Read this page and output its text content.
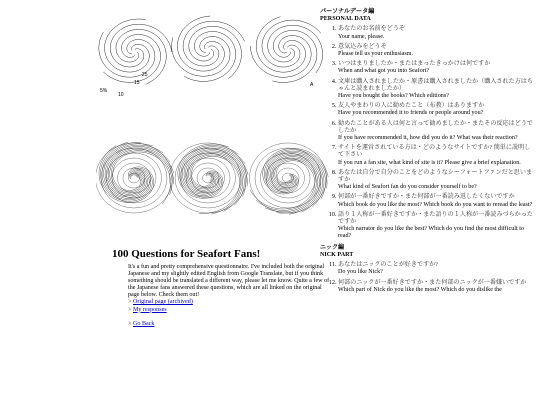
5%
10
25
15	A
100 Questions for Seafort Fans!

It's a fun and pretty comprehensive questionnaire. I've included both the original Japanese and my slightly edited English from Google Translate, but if you think something should be translated a different way, please let me know. Quite a few of the Japanese fans answered these questions, which are all linked on the original page below. Check them out!

> Original page (archived)

> My responses

> Go Back

パーソナルデータ編
PERSONAL DATA
1. あなたのお名前をどうぞ
Your name, please.
2. 意気込みをどうぞ
Please tell us your enthusiasm.
3. いつはまりましたか・またはまったきっかけは何ですか
When and what got you into Seafort?
4. 文庫は購入されましたか・原書は購入されましたか（購入された方はちゃんと読まれましたか）
Have you bought the books? Which editions?
5. 友人やまわりの人に勧めたこと（布教）はありますか
Have you recommended it to friends or people around you?
6. 勧めたことがある人は何と言って勧めましたか・またその反応はどうでしたか
If you have recommended it, how did you do it? What was their reaction?
7. サイトを運営されている方は・どのようなサイトですか? 簡単に説明して下さい
If you run a fan site, what kind of site is it? Please give a brief explanation.
8. あなたは自分で自分のことをどのようなシーフォートファンだと思いますか
What kind of Seafort fan do you consider yourself to be?
9. 何部が一番好きですか・また何部が一番読み返したくないですか
Which book do you like the most? Which book do you want to reread the least?
10. 語り１人称が一番好きですか・また語りの１人称が一番読みづらかったですか
Which narrator do you like the best? Which do you find the most difficult to read?
ニック編
NICK PART
11. あなたはニックのことが好きですか?
Do you like Nick?
12. 何部のニックが一番好きですか・また何部のニックが一番嫌いですか
Which part of Nick do you like the most? Which do you dislike the
